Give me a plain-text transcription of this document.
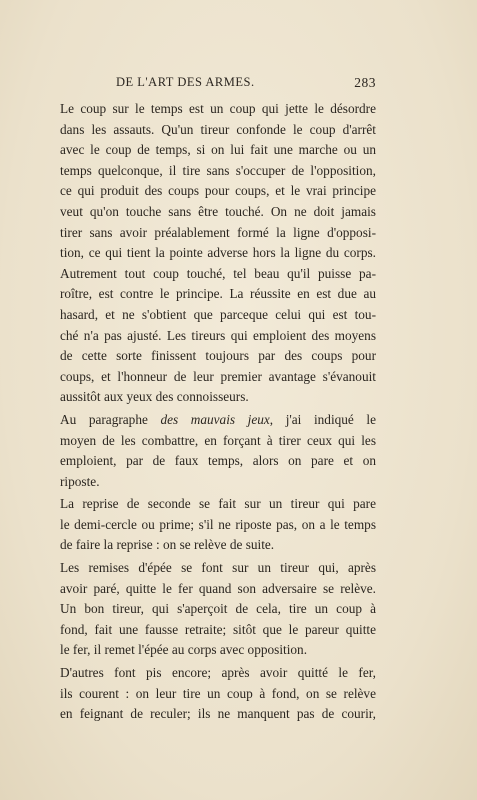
DE L'ART DES ARMES.	283

Le coup sur le temps est un coup qui jette le désordre
dans les assauts. Qu'un tireur confonde le coup d'arrêt
avec le coup de temps, si on lui fait une marche ou un
temps quelconque, il tire sans s'occuper de l'opposition,
ce qui produit des coups pour coups, et le vrai principe
veut qu'on touche sans être touché. On ne doit jamais
tirer sans avoir préalablement formé la ligne d'opposi-
tion, ce qui tient la pointe adverse hors la ligne du corps.
Autrement tout coup touché, tel beau qu'il puisse pa-
roître, est contre le principe. La réussite en est due au
hasard, et ne s'obtient que parceque celui qui est tou-
ché n'a pas ajusté. Les tireurs qui emploient des moyens
de cette sorte finissent toujours par des coups pour
coups, et l'honneur de leur premier avantage s'évanouit
aussitôt aux yeux des connoisseurs.

Au paragraphe des mauvais jeux, j'ai indiqué le
moyen de les combattre, en forçant à tirer ceux qui les
emploient, par de faux temps, alors on pare et on
riposte.

La reprise de seconde se fait sur un tireur qui pare
le demi-cercle ou prime; s'il ne riposte pas, on a le temps
de faire la reprise : on se relève de suite.

Les remises d'épée se font sur un tireur qui, après
avoir paré, quitte le fer quand son adversaire se relève.
Un bon tireur, qui s'aperçoit de cela, tire un coup à
fond, fait une fausse retraite; sitôt que le pareur quitte
le fer, il remet l'épée au corps avec opposition.

D'autres font pis encore; après avoir quitté le fer,
ils courent : on leur tire un coup à fond, on se relève
en feignant de reculer; ils ne manquent pas de courir,
